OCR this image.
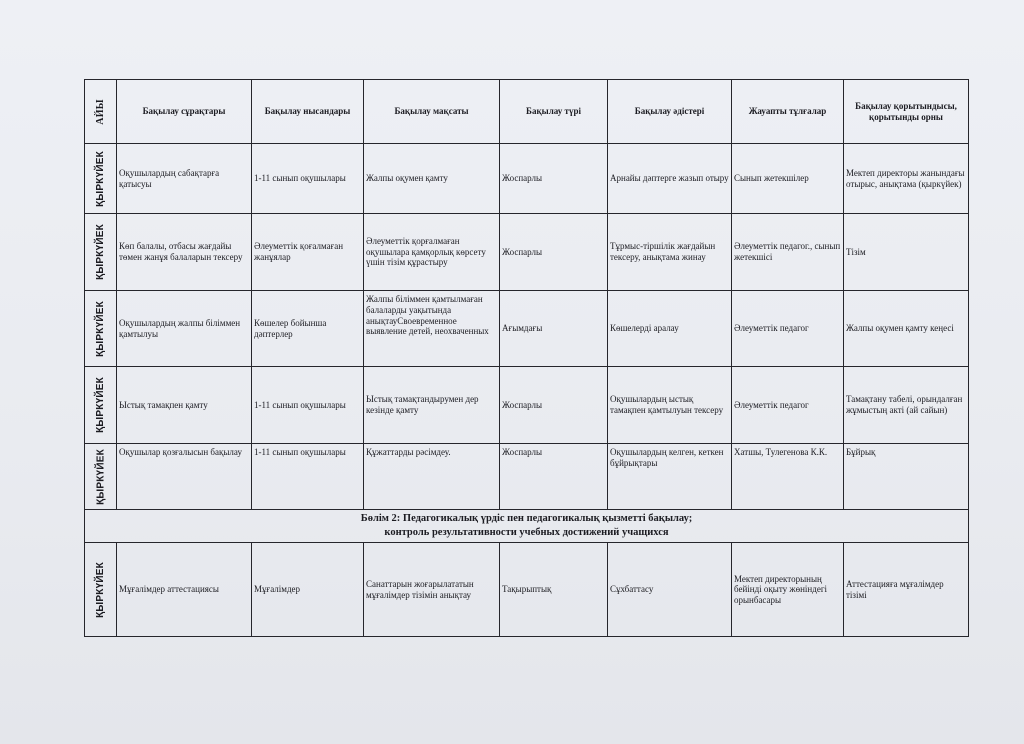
АЙЫ	Бақылау сұрақтары	Бақылау нысандары	Бақылау мақсаты	Бақылау түрі	Бақылау әдістері	Жауапты тұлғалар	Бақылау қорытындысы, қорытынды орны

ҚЫРКҮЙЕК	Оқушылардың сабақтарға қатысуы	1-11 сынып оқушылары	Жалпы оқумен қамту	Жоспарлы	Арнайы дәптерге жазып отыру	Сынып жетекшілер	Мектеп директоры жанындағы отырыс, анықтама (қыркүйек)

ҚЫРКҮЙЕК	Көп балалы, отбасы жағдайы төмен жанұя балаларын тексеру	Әлеуметтік қоғалмаған жанұялар	Әлеуметтік қорғалмаған оқушылара қамқорлық көрсету үшін тізім құрастыру	Жоспарлы	Тұрмыс-тіршілік жағдайын тексеру, анықтама жинау	Әлеуметтік педагог., сынып жетекшісі	Тізім

ҚЫРКҮЙЕК	Оқушылардың жалпы біліммен қамтылуы	Көшелер бойынша дәптерлер	Жалпы біліммен қамтылмаған балаларды уақытында анықтауСвоевременное выявление детей, неохваченных	Ағымдағы	Көшелерді аралау	Әлеуметтік педагог	Жалпы оқумен қамту кеңесі

ҚЫРКҮЙЕК	Ыстық тамақпен қамту	1-11 сынып оқушылары	Ыстық тамақтандырумен дер кезінде қамту	Жоспарлы	Оқушылардың ыстық тамақпен қамтылуын тексеру	Әлеуметтік педагог	Тамақтану табелі, орындалған жұмыстың акті (ай сайын)

ҚЫРКҮЙЕК	Оқушылар қозғалысын бақылау	1-11 сынып оқушылары	Құжаттарды рәсімдеу.	Жоспарлы	Оқушылардың келген, кеткен бұйрықтары	Хатшы, Тулегенова К.К.	Бұйрық

Бөлім 2: Педагогикалық үрдіс пен педагогикалық қызметті бақылау;
контроль результативности учебных достижений учащихся							

ҚЫРКҮЙЕК	Мұғалімдер аттестациясы	Мұғалімдер	Санаттарын жоғарылататын мұғалімдер тізімін анықтау	Тақырыптық	Сұхбаттасу	Мектеп директорының бейінді оқыту жөніндегі орынбасары	Аттестацияға мұғалімдер тізімі
